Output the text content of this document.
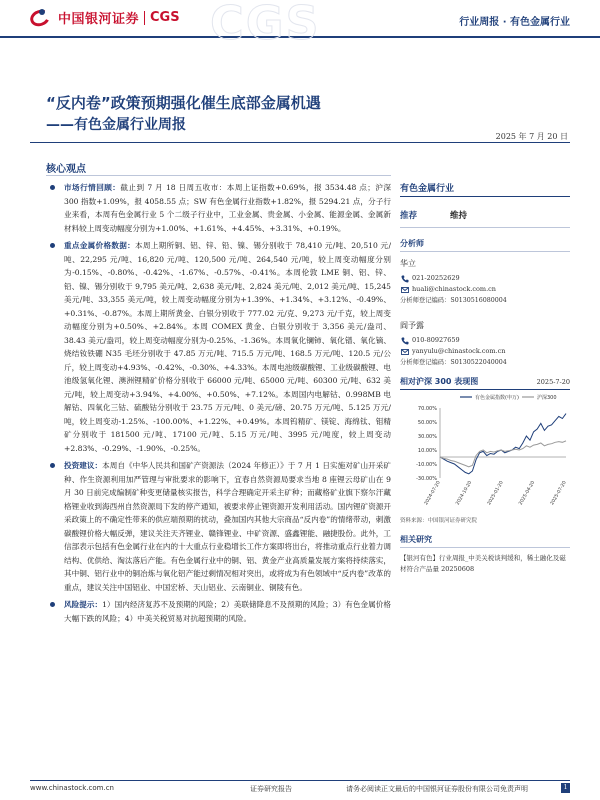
中国银河证券 CGS CGS	行业周报 · 有色金属行业
“反内卷”政策预期强化催生底部金属机遇
——有色金属行业周报
2025 年 7 月 20 日
核心观点
市场行情回顾：截止到 7 月 18 日周五收市：本周上证指数+0.69%，报 3534.48 点；沪深 300 指数+1.09%，报 4058.55 点；SW 有色金属行业指数+1.82%，报 5294.21 点，分子行业来看，本周有色金属行业 5 个二级子行业中，工业金属、贵金属、小金属、能源金属、金属新材料较上周变动幅度分别为+1.00%、+1.61%、+4.45%、+3.31%、+0.19%。
重点金属价格数据：本周上期所铜、铝、锌、铅、镍、锡分别收于 78,410 元/吨、20,510 元/吨、22,295 元/吨、16,820 元/吨、120,500 元/吨、264,540 元/吨，较上周变动幅度分别为-0.15%、-0.80%、-0.42%、-1.67%、-0.57%、-0.41%。本周伦敦 LME 铜、铝、锌、铅、镍、锡分别收于 9,795 美元/吨、2,638 美元/吨、2,824 美元/吨、2,012 美元/吨、15,245 美元/吨、33,355 美元/吨，较上周变动幅度分别为+1.39%、+1.34%、+3.12%、-0.49%、+0.31%、-0.87%。本周上期所黄金、白银分别收于 777.02 元/克、9,273 元/千克，较上周变动幅度分别为+0.50%、+2.84%。本周 COMEX 黄金、白银分别收于 3,356 美元/盎司、38.43 美元/盎司，较上周变动幅度分别为-0.25%、-1.36%。本周氧化镧铈、氧化镨、氧化镝、烧结钕铁硼 N35 毛坯分别收于 47.85 万元/吨、715.5 万元/吨、168.5 万元/吨、120.5 元/公斤，较上周变动+4.93%、-0.42%、-0.30%、+4.33%。本周电池级碳酸锂、工业级碳酸锂、电池级氢氧化锂、澳洲锂精矿价格分别收于 66000 元/吨、65000 元/吨、60300 元/吨、632 美元/吨，较上周变动+3.94%、+4.00%、+0.50%、+7.12%。本周国内电解钴、0.998MB 电解钴、四氧化三钴、硫酸钴分别收于 23.75 万元/吨、0 美元/磅、20.75 万元/吨、5.125 万元/吨，较上周变动-1.25%、-100.00%、+1.22%、+0.49%。本周钨精矿、镁锭、海绵钛、钼精矿分别收于 181500 元/吨、17100 元/吨、5.15 万元/吨、3995 元/吨度，较上周变动+2.83%、-0.29%、-1.90%、-0.25%。
投资建议：本周自《中华人民共和国矿产资源法（2024 年修正）》于 7 月 1 日实施对矿山开采矿种、作生资源利用加严管理与审批要求的影响下，宜春自然资源局要求当地 8 座锂云母矿山在 9 月 30 日前完成编制矿种变更储量核实报告，科学合理确定开采主矿种；而藏格矿业旗下察尔汗藏格锂业收到海西州自然资源局下发的停产通知，被要求停止锂资源开发利用活动。国内锂矿资源开采政策上的不确定性带来的供应端预期的扰动，叠加国内其他大宗商品“反内卷”的情绪带动，刺激碳酸锂价格大幅反弹，建议关注天齐锂业、赣锋锂业、中矿资源、盛鑫锂能、融捷股份。此外，工信部表示包括有色金属行业在内的十大重点行业稳增长工作方案即将出台，将推动重点行业着力调结构、优供给、淘汰落后产能。有色金属行业中的铜、铝、黄金产业高质量发展方案将持续落实，其中铜、铝行业中的铜冶炼与氧化铝产能过剩情况相对突出，或将成为有色领域中“反内卷”改革的重点，建议关注中国铝业、中国宏桥、天山铝业、云南铜业、铜陵有色。
风险提示：1）国内经济复苏不及预期的风险；2）美联储降息不及预期的风险；3）有色金属价格大幅下跌的风险；4）中美关税贸易对抗超预期的风险。
有色金属行业
推荐	维持
分析师
华立
021-20252629
huali@chinastock.com.cn
分析师登记编码：S0130516080004
阎予露
010-80927659
yanyulu@chinastock.com.cn
分析师登记编码：S0130522040004
相对沪深 300 表现图	2025-7-20
有色金属指数(申万)	沪深300
70.00%
50.00%
30.00%
10.00%
-10.00%
-30.00%
2024-07-20	2024-10-20	2025-01-20	2025-04-20	2025-07-20
资料来源：中国银河证券研究院
相关研究
【银河有色】行业周报_中美关税谈判缓和，稀土融化及磁材符合产品量 20250608
www.chinastock.com.cn	证券研究报告	请务必阅读正文最后的中国银河证券股份有限公司免责声明	1
